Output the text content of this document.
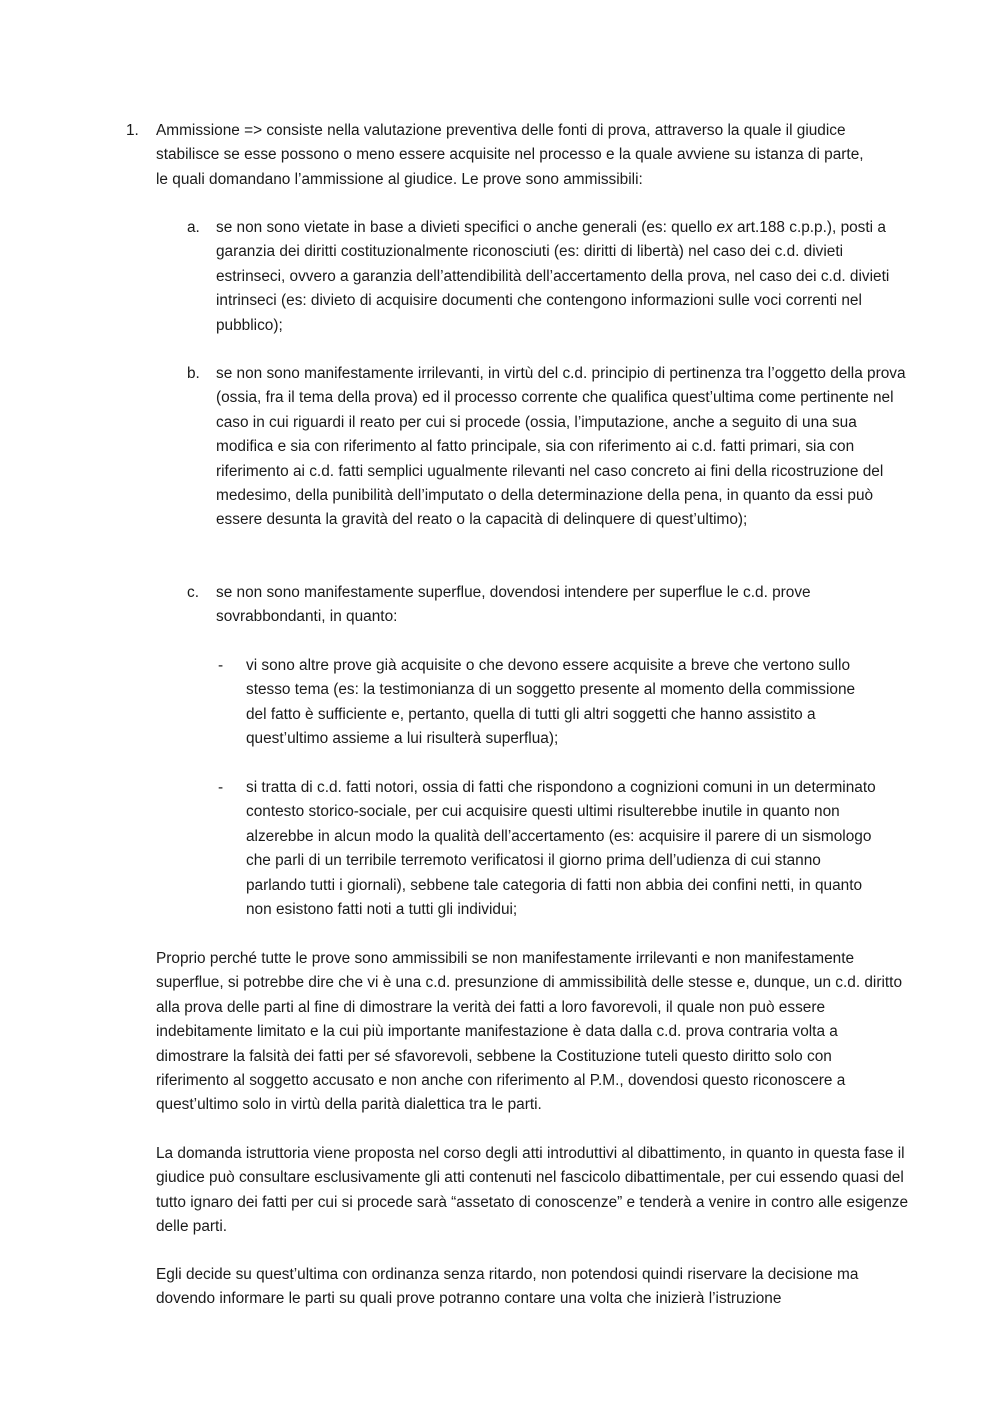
1. Ammissione => consiste nella valutazione preventiva delle fonti di prova, attraverso la quale il giudice stabilisce se esse possono o meno essere acquisite nel processo e la quale avviene su istanza di parte, le quali domandano l’ammissione al giudice. Le prove sono ammissibili:

a. se non sono vietate in base a divieti specifici o anche generali (es: quello ex art.188 c.p.p.), posti a garanzia dei diritti costituzionalmente riconosciuti (es: diritti di libertà) nel caso dei c.d. divieti estrinseci, ovvero a garanzia dell’attendibilità dell’accertamento della prova, nel caso dei c.d. divieti intrinseci (es: divieto di acquisire documenti che contengono informazioni sulle voci correnti nel pubblico);

b. se non sono manifestamente irrilevanti, in virtù del c.d. principio di pertinenza tra l’oggetto della prova (ossia, fra il tema della prova) ed il processo corrente che qualifica quest’ultima come pertinente nel caso in cui riguardi il reato per cui si procede (ossia, l’imputazione, anche a seguito di una sua modifica e sia con riferimento al fatto principale, sia con riferimento ai c.d. fatti primari, sia con riferimento ai c.d. fatti semplici ugualmente rilevanti nel caso concreto ai fini della ricostruzione del medesimo, della punibilità dell’imputato o della determinazione della pena, in quanto da essi può essere desunta la gravità del reato o la capacità di delinquere di quest’ultimo);

c. se non sono manifestamente superflue, dovendosi intendere per superflue le c.d. prove sovrabbondanti, in quanto:

- vi sono altre prove già acquisite o che devono essere acquisite a breve che vertono sullo stesso tema (es: la testimonianza di un soggetto presente al momento della commissione del fatto è sufficiente e, pertanto, quella di tutti gli altri soggetti che hanno assistito a quest’ultimo assieme a lui risulterà superflua);

- si tratta di c.d. fatti notori, ossia di fatti che rispondono a cognizioni comuni in un determinato contesto storico-sociale, per cui acquisire questi ultimi risulterebbe inutile in quanto non alzerebbe in alcun modo la qualità dell’accertamento (es: acquisire il parere di un sismologo che parli di un terribile terremoto verificatosi il giorno prima dell’udienza di cui stanno parlando tutti i giornali), sebbene tale categoria di fatti non abbia dei confini netti, in quanto non esistono fatti noti a tutti gli individui;

Proprio perché tutte le prove sono ammissibili se non manifestamente irrilevanti e non manifestamente superflue, si potrebbe dire che vi è una c.d. presunzione di ammissibilità delle stesse e, dunque, un c.d. diritto alla prova delle parti al fine di dimostrare la verità dei fatti a loro favorevoli, il quale non può essere indebitamente limitato e la cui più importante manifestazione è data dalla c.d. prova contraria volta a dimostrare la falsità dei fatti per sé sfavorevoli, sebbene la Costituzione tuteli questo diritto solo con riferimento al soggetto accusato e non anche con riferimento al P.M., dovendosi questo riconoscere a quest’ultimo solo in virtù della parità dialettica tra le parti.

La domanda istruttoria viene proposta nel corso degli atti introduttivi al dibattimento, in quanto in questa fase il giudice può consultare esclusivamente gli atti contenuti nel fascicolo dibattimentale, per cui essendo quasi del tutto ignaro dei fatti per cui si procede sarà “assetato di conoscenze” e tenderà a venire in contro alle esigenze delle parti.

Egli decide su quest’ultima con ordinanza senza ritardo, non potendosi quindi riservare la decisione ma dovendo informare le parti su quali prove potranno contare una volta che inizierà l’istruzione
